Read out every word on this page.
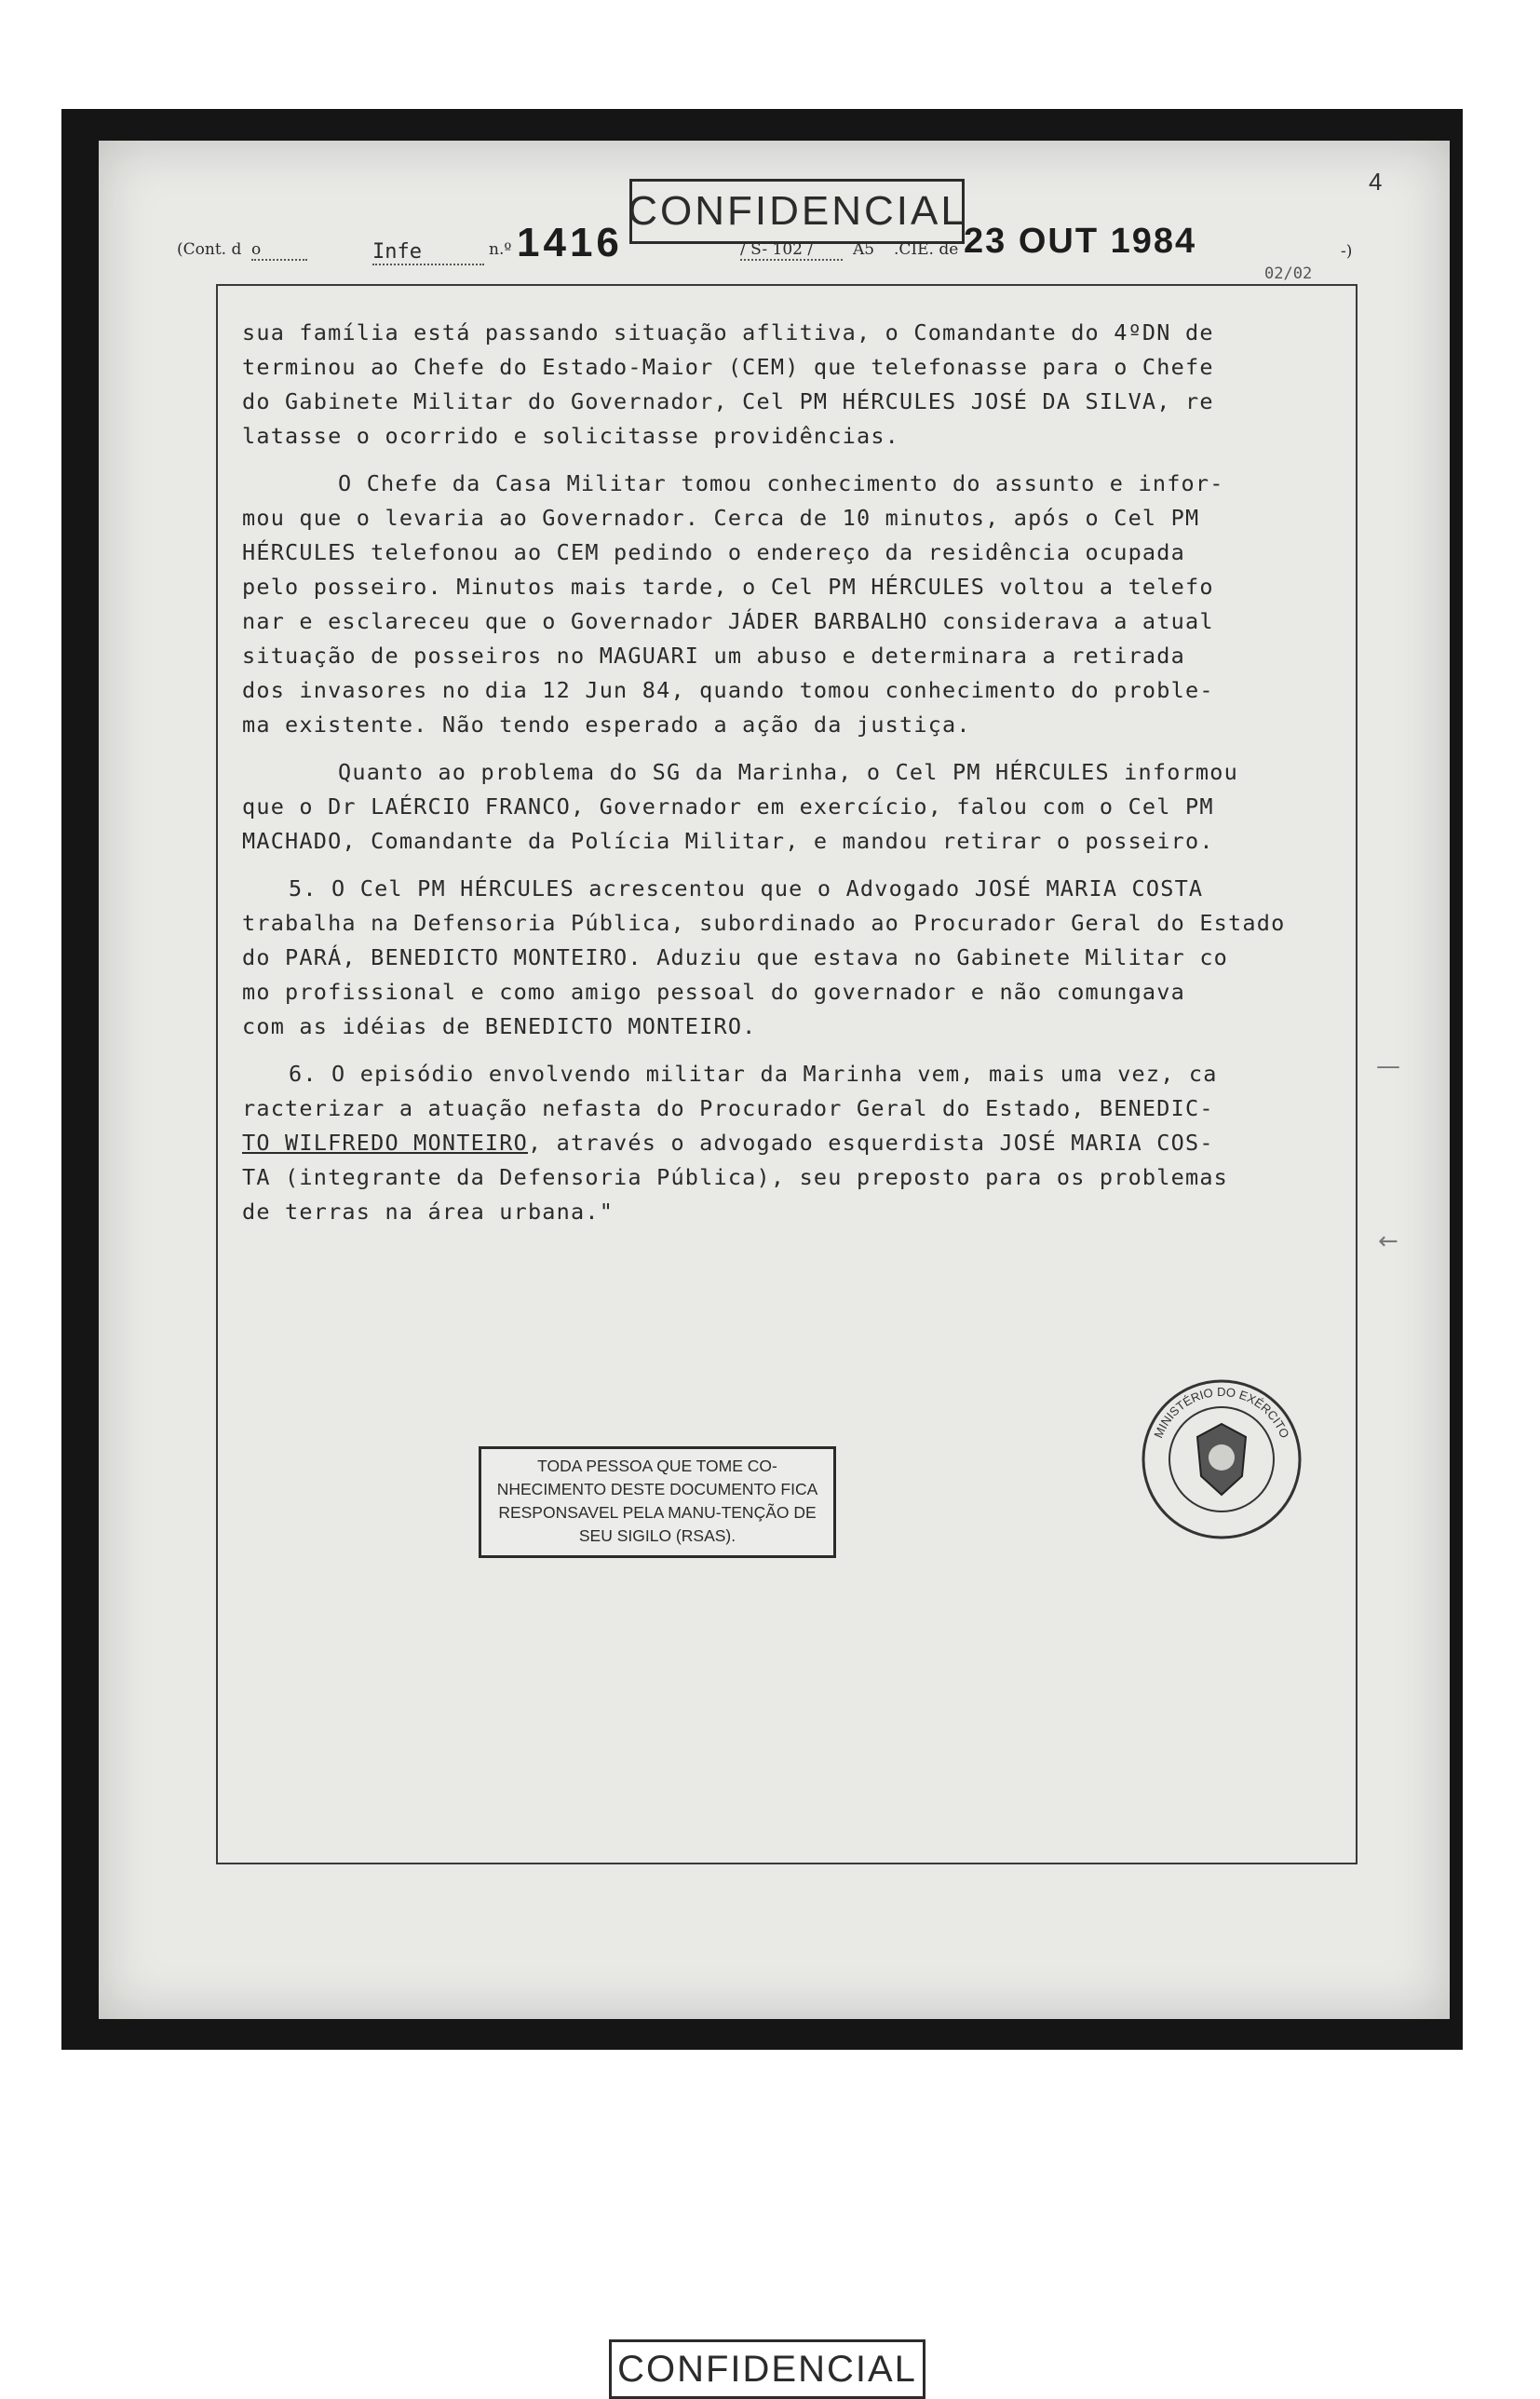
CONFIDENCIAL
4
(Cont. d o	Infe	n.º 1416	/ S- 102 /	A5 .CIE. de 23 OUT 1984	-)
02/02

sua família está passando situação aflitiva, o Comandante do 4ºDN de
terminou ao Chefe do Estado-Maior (CEM) que telefonasse para o Chefe
do Gabinete Militar do Governador, Cel PM HÉRCULES JOSÉ DA SILVA, re
latasse o ocorrido e solicitasse providências.

O Chefe da Casa Militar tomou conhecimento do assunto e infor-
mou que o levaria ao Governador. Cerca de 10 minutos, após o Cel PM
HÉRCULES telefonou ao CEM pedindo o endereço da residência ocupada
pelo posseiro. Minutos mais tarde, o Cel PM HÉRCULES voltou a telefo
nar e esclareceu que o Governador JÁDER BARBALHO considerava a atual
situação de posseiros no MAGUARI um abuso e determinara a retirada
dos invasores no dia 12 Jun 84, quando tomou conhecimento do proble-
ma existente. Não tendo esperado a ação da justiça.

Quanto ao problema do SG da Marinha, o Cel PM HÉRCULES informou
que o Dr LAÉRCIO FRANCO, Governador em exercício, falou com o Cel PM
MACHADO, Comandante da Polícia Militar, e mandou retirar o posseiro.

5. O Cel PM HÉRCULES acrescentou que o Advogado JOSÉ MARIA COSTA
trabalha na Defensoria Pública, subordinado ao Procurador Geral do Estado
do PARÁ, BENEDICTO MONTEIRO. Aduziu que estava no Gabinete Militar co
mo profissional e como amigo pessoal do governador e não comungava
com as idéias de BENEDICTO MONTEIRO.

6. O episódio envolvendo militar da Marinha vem, mais uma vez, ca
racterizar a atuação nefasta do Procurador Geral do Estado, BENEDIC-
TO WILFREDO MONTEIRO, através o advogado esquerdista JOSÉ MARIA COS-
TA (integrante da Defensoria Pública), seu preposto para os problemas
de terras na área urbana."

—
←
TODA PESSOA QUE TOME CO-NHECIMENTO DESTE DOCUMENTO FICA RESPONSAVEL PELA MANU-TENÇÃO DE SEU SIGILO (RSAS).
MINISTÉRIO DO EXÉRCITO
CONFIDENCIAL
